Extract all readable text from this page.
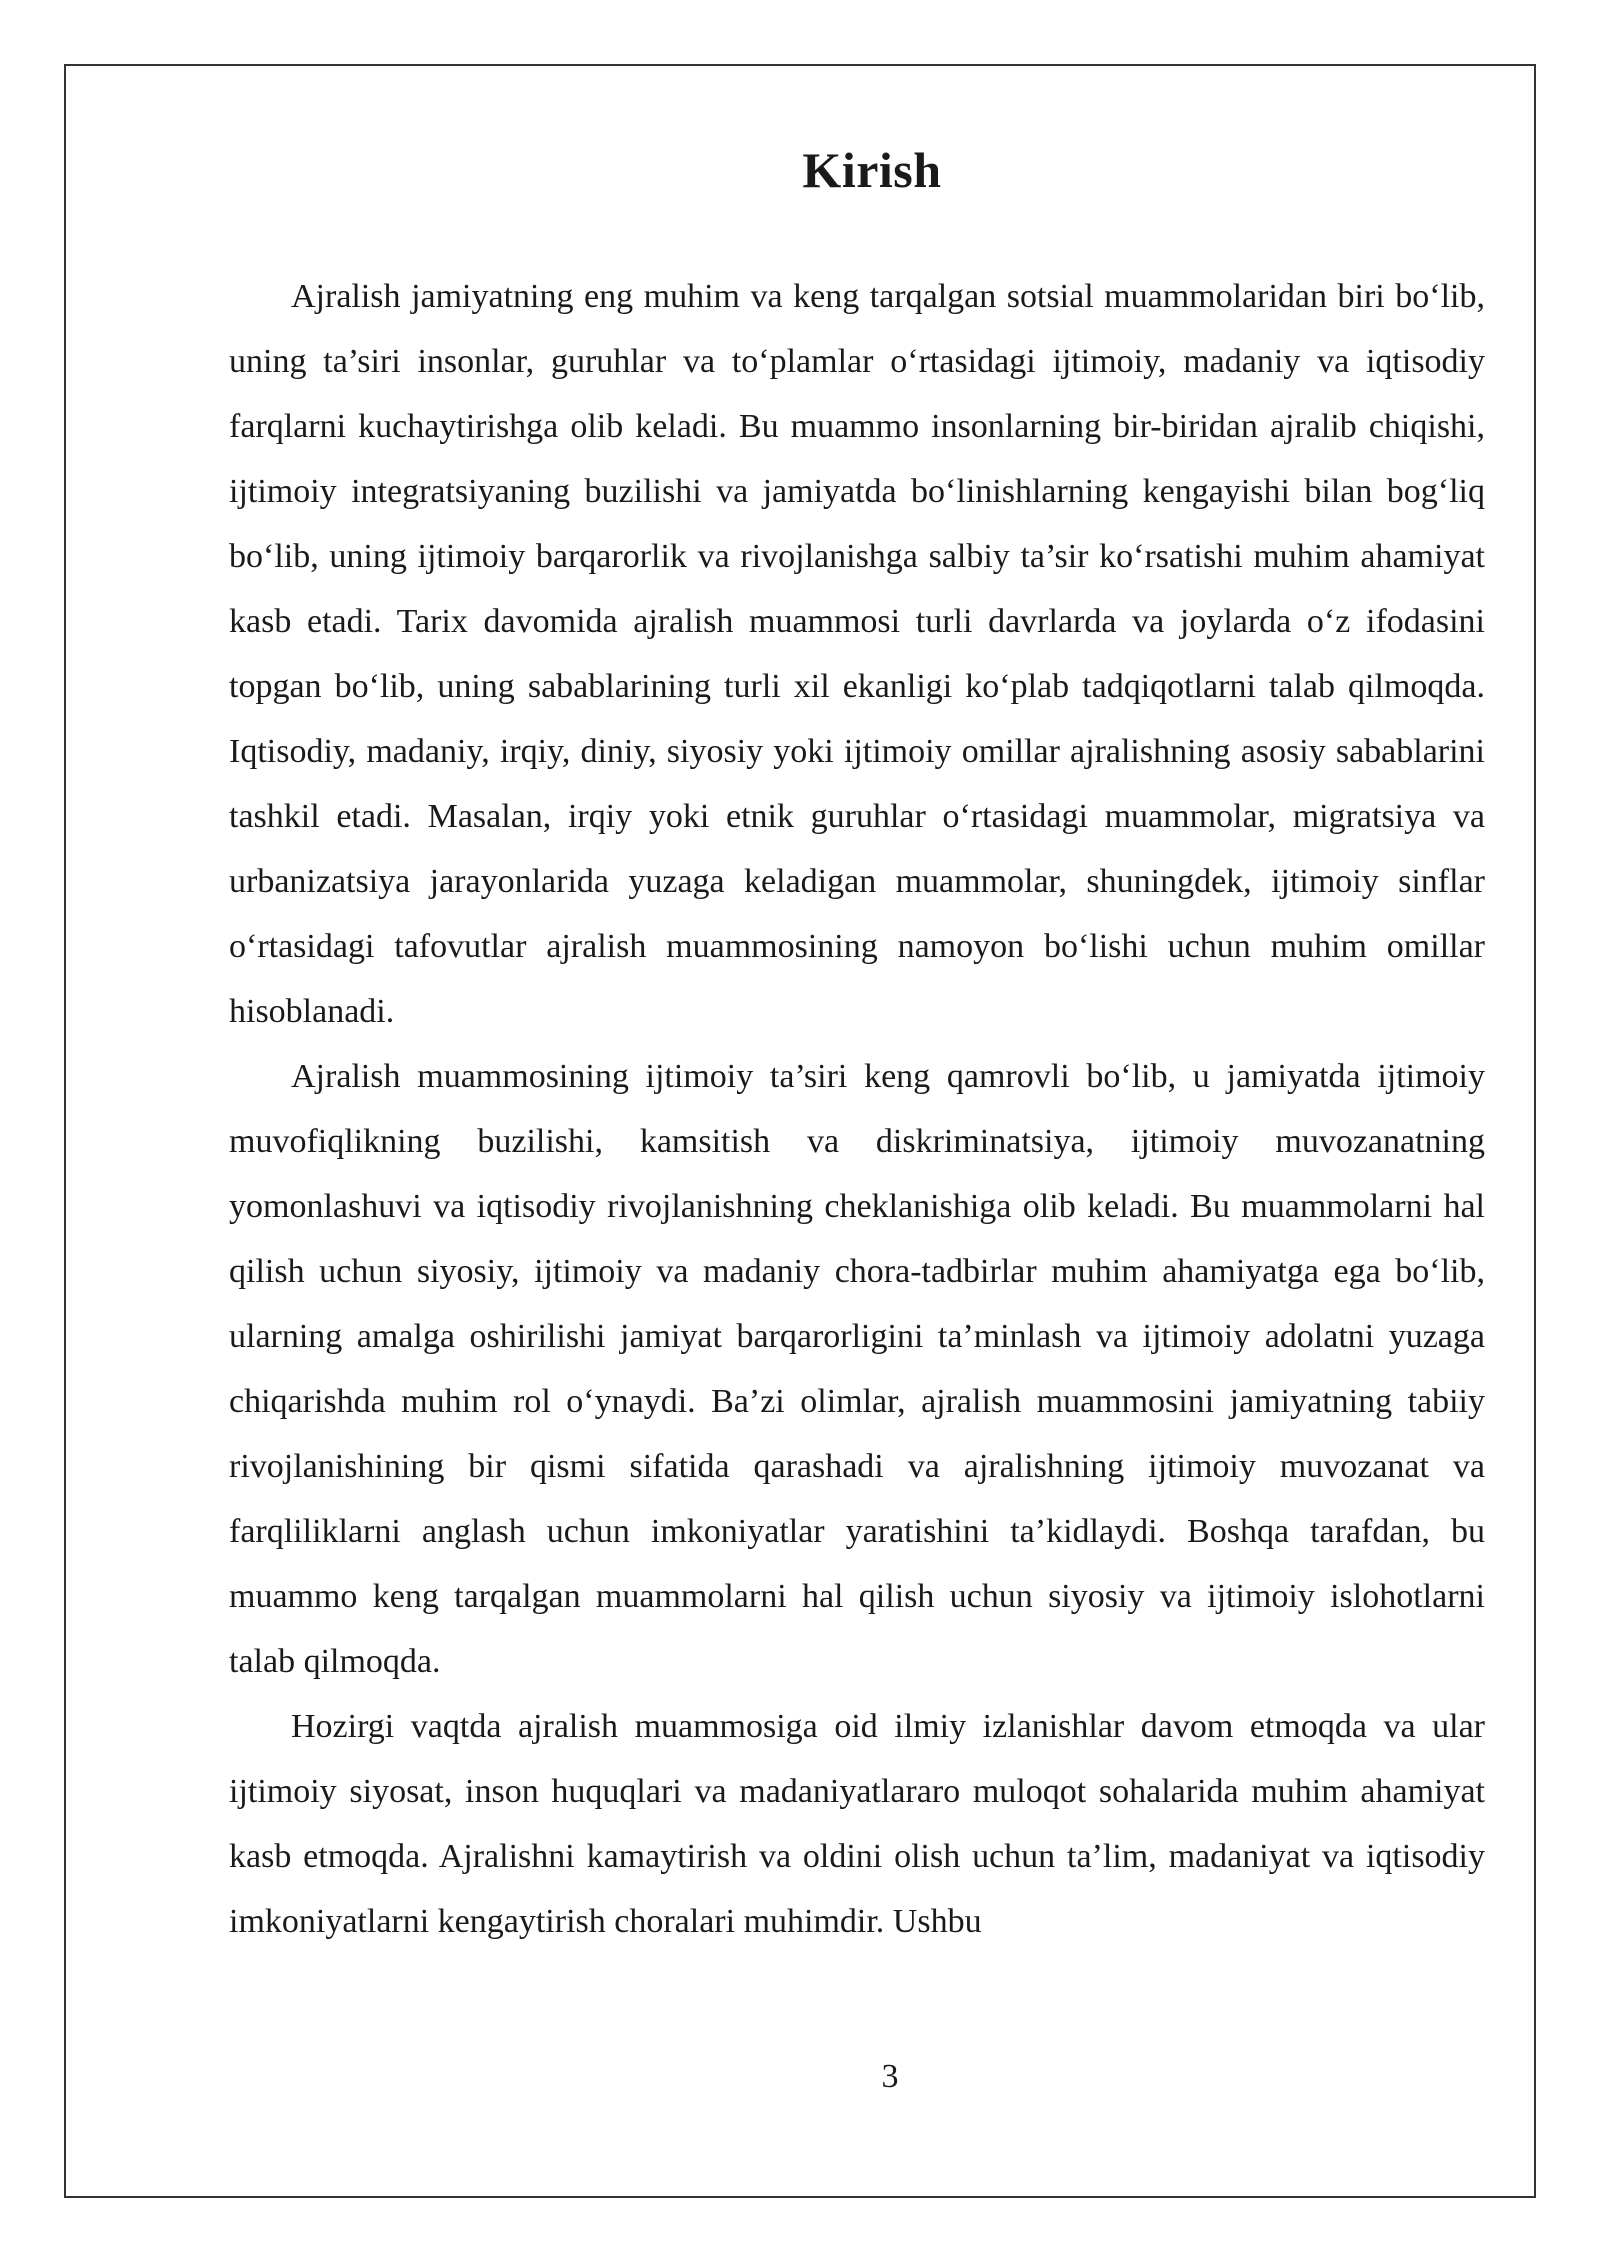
Kirish

Ajralish jamiyatning eng muhim va keng tarqalgan sotsial muammolaridan biri bo‘lib, uning ta’siri insonlar, guruhlar va to‘plamlar o‘rtasidagi ijtimoiy, madaniy va iqtisodiy farqlarni kuchaytirishga olib keladi. Bu muammo insonlarning bir-biridan ajralib chiqishi, ijtimoiy integratsiyaning buzilishi va jamiyatda bo‘linishlarning kengayishi bilan bog‘liq bo‘lib, uning ijtimoiy barqarorlik va rivojlanishga salbiy ta’sir ko‘rsatishi muhim ahamiyat kasb etadi. Tarix davomida ajralish muammosi turli davrlarda va joylarda o‘z ifodasini topgan bo‘lib, uning sabablarining turli xil ekanligi ko‘plab tadqiqotlarni talab qilmoqda. Iqtisodiy, madaniy, irqiy, diniy, siyosiy yoki ijtimoiy omillar ajralishning asosiy sabablarini tashkil etadi. Masalan, irqiy yoki etnik guruhlar o‘rtasidagi muammolar, migratsiya va urbanizatsiya jarayonlarida yuzaga keladigan muammolar, shuningdek, ijtimoiy sinflar o‘rtasidagi tafovutlar ajralish muammosining namoyon bo‘lishi uchun muhim omillar hisoblanadi.

Ajralish muammosining ijtimoiy ta’siri keng qamrovli bo‘lib, u jamiyatda ijtimoiy muvofiqlikning buzilishi, kamsitish va diskriminatsiya, ijtimoiy muvozanatning yomonlashuvi va iqtisodiy rivojlanishning cheklanishiga olib keladi. Bu muammolarni hal qilish uchun siyosiy, ijtimoiy va madaniy chora-tadbirlar muhim ahamiyatga ega bo‘lib, ularning amalga oshirilishi jamiyat barqarorligini ta’minlash va ijtimoiy adolatni yuzaga chiqarishda muhim rol o‘ynaydi. Ba’zi olimlar, ajralish muammosini jamiyatning tabiiy rivojlanishining bir qismi sifatida qarashadi va ajralishning ijtimoiy muvozanat va farqliliklarni anglash uchun imkoniyatlar yaratishini ta’kidlaydi. Boshqa tarafdan, bu muammo keng tarqalgan muammolarni hal qilish uchun siyosiy va ijtimoiy islohotlarni talab qilmoqda.

Hozirgi vaqtda ajralish muammosiga oid ilmiy izlanishlar davom etmoqda va ular ijtimoiy siyosat, inson huquqlari va madaniyatlararo muloqot sohalarida muhim ahamiyat kasb etmoqda. Ajralishni kamaytirish va oldini olish uchun ta’lim, madaniyat va iqtisodiy imkoniyatlarni kengaytirish choralari muhimdir. Ushbu

3
